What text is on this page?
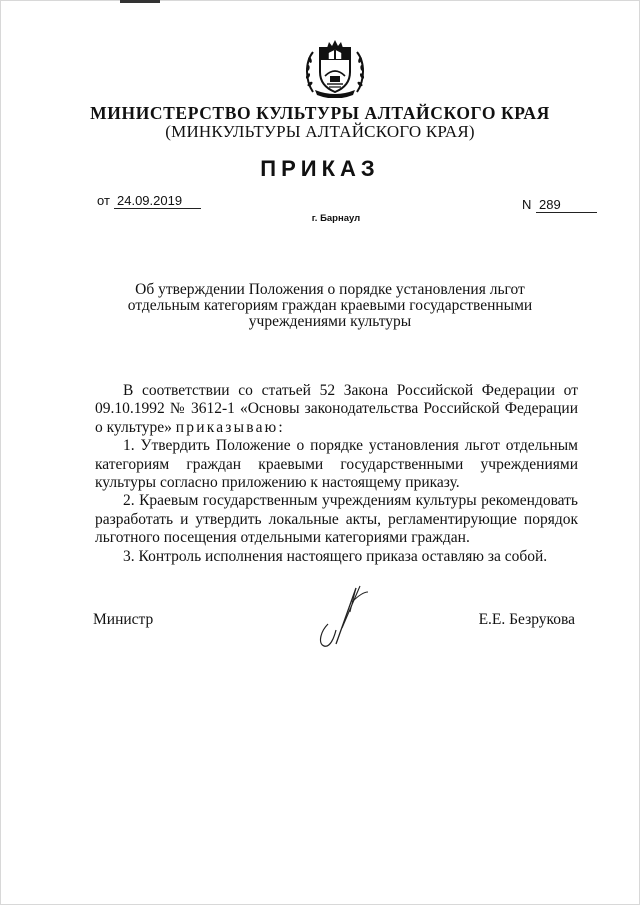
МИНИСТЕРСТВО КУЛЬТУРЫ АЛТАЙСКОГО КРАЯ
(МИНКУЛЬТУРЫ АЛТАЙСКОГО КРАЯ)
ПРИКАЗ
от 24.09.2019	N 289
г. Барнаул
Об утверждении Положения о порядке установления льгот
отдельным категориям граждан краевыми государственными
учреждениями культуры

В соответствии со статьей 52 Закона Российской Федерации от 09.10.1992 № 3612-1 «Основы законодательства Российской Федерации о культуре» приказываю:

1. Утвердить Положение о порядке установления льгот отдельным категориям граждан краевыми государственными учреждениями культуры согласно приложению к настоящему приказу.

2. Краевым государственным учреждениям культуры рекомендовать разработать и утвердить локальные акты, регламентирующие порядок льготного посещения отдельными категориями граждан.

3. Контроль исполнения настоящего приказа оставляю за собой.

Министр	Е.Е. Безрукова
